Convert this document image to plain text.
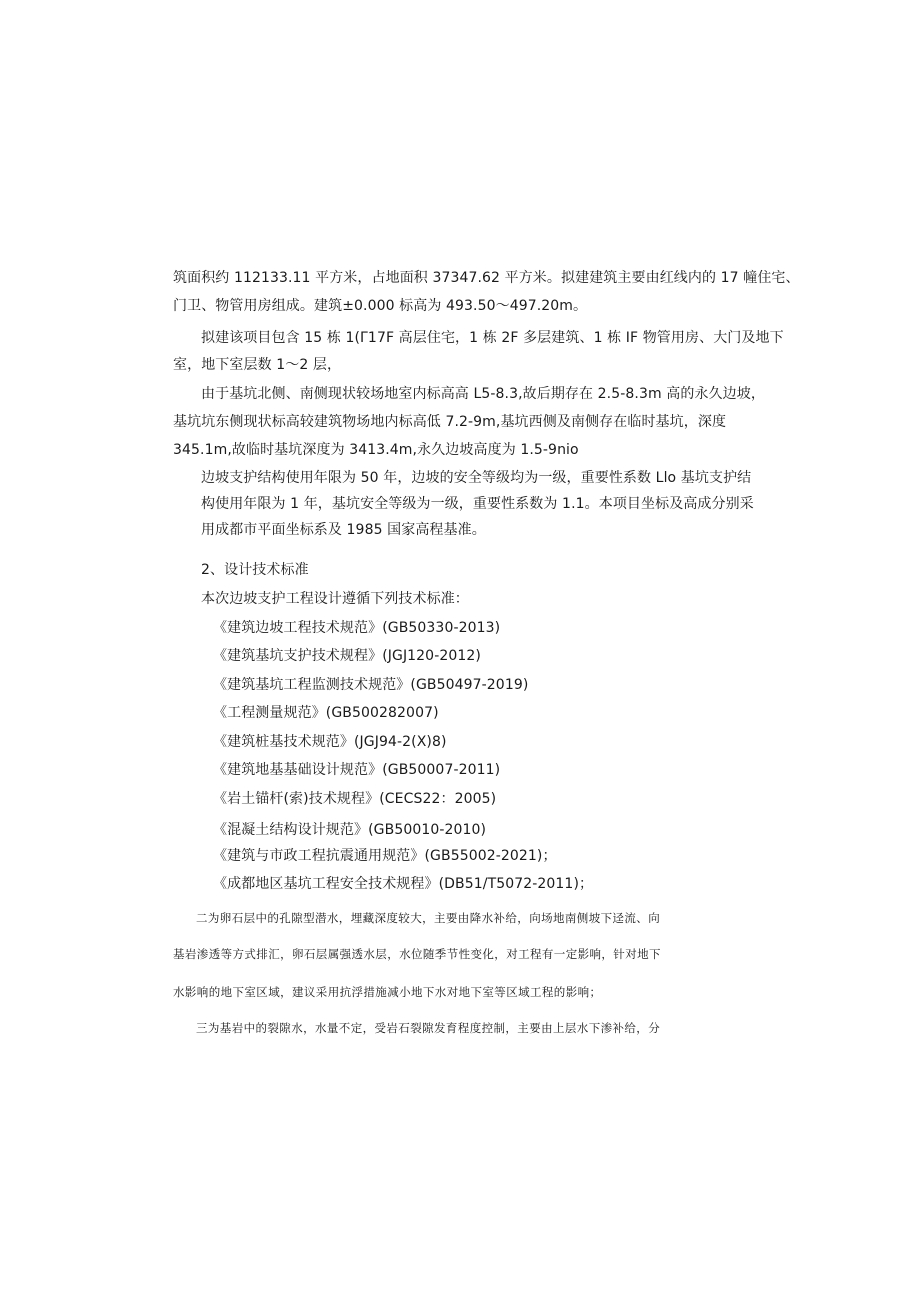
筑面积约 112133.11 平方米，占地面积 37347.62 平方米。拟建建筑主要由红线内的 17 幢住宅、
门卫、物管用房组成。建筑±0.000 标高为 493.50～497.20m。
拟建该项目包含 15 栋 1(Γ17F 高层住宅，1 栋 2F 多层建筑、1 栋 IF 物管用房、大门及地下
室，地下室层数 1～2 层，
由于基坑北侧、南侧现状较场地室内标高高 L5-8.3,故后期存在 2.5-8.3m 高的永久边坡，
基坑坑东侧现状标高较建筑物场地内标高低 7.2-9m,基坑西侧及南侧存在临时基坑，深度
345.1m,故临时基坑深度为 3413.4m,永久边坡高度为 1.5-9nio
边坡支护结构使用年限为 50 年，边坡的安全等级均为一级，重要性系数 Llo 基坑支护结
构使用年限为 1 年，基坑安全等级为一级，重要性系数为 1.1。本项目坐标及高成分别采
用成都市平面坐标系及 1985 国家高程基准。
2、设计技术标准
本次边坡支护工程设计遵循下列技术标准：
《建筑边坡工程技术规范》(GB50330-2013)
《建筑基坑支护技术规程》(JGJ120-2012)
《建筑基坑工程监测技术规范》(GB50497-2019)
《工程测量规范》(GB500282007)
《建筑桩基技术规范》(JGJ94-2(X)8)
《建筑地基基础设计规范》(GB50007-2011)
《岩土锚杆(索)技术规程》(CECS22：2005)
《混凝土结构设计规范》(GB50010-2010)
《建筑与市政工程抗震通用规范》(GB55002-2021)；
《成都地区基坑工程安全技术规程》(DB51/T5072-2011)；
二为卵石层中的孔隙型潜水，埋藏深度较大，主要由降水补给，向场地南侧坡下迳流、向
基岩渗透等方式排汇，卵石层属强透水层，水位随季节性变化，对工程有一定影响，针对地下
水影响的地下室区域，建议采用抗浮措施减小地下水对地下室等区域工程的影响；
三为基岩中的裂隙水，水量不定，受岩石裂隙发育程度控制，主要由上层水下渗补给，分
